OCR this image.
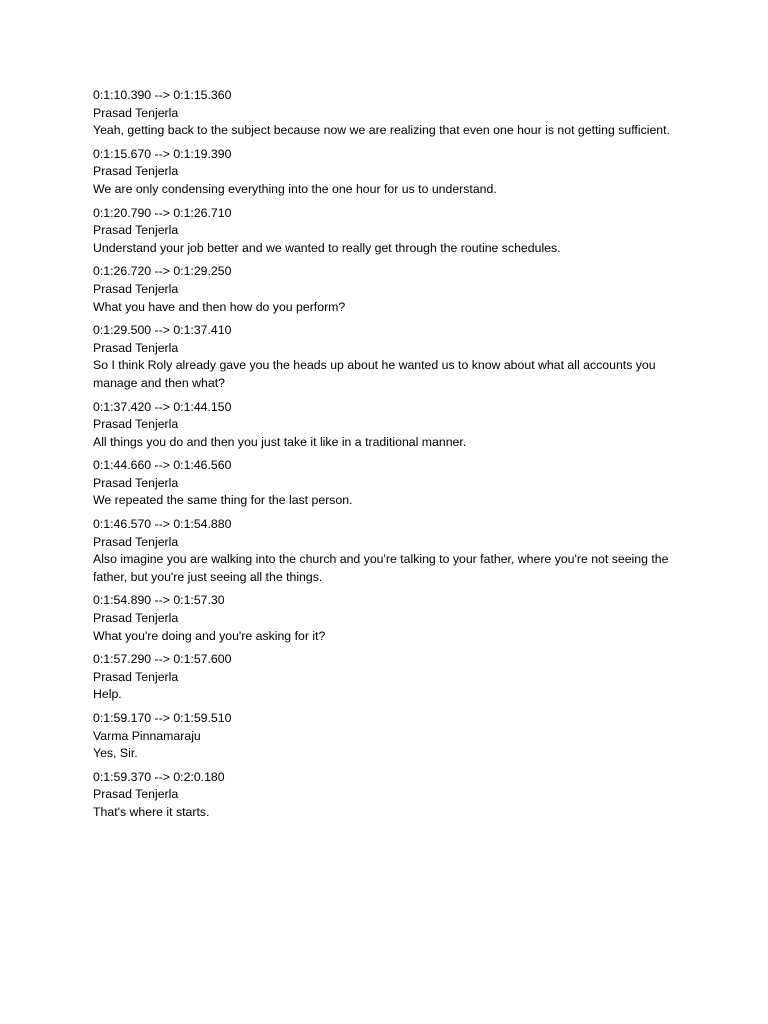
0:1:10.390 --> 0:1:15.360
Prasad Tenjerla
Yeah, getting back to the subject because now we are realizing that even one hour is not getting sufficient.
0:1:15.670 --> 0:1:19.390
Prasad Tenjerla
We are only condensing everything into the one hour for us to understand.
0:1:20.790 --> 0:1:26.710
Prasad Tenjerla
Understand your job better and we wanted to really get through the routine schedules.
0:1:26.720 --> 0:1:29.250
Prasad Tenjerla
What you have and then how do you perform?
0:1:29.500 --> 0:1:37.410
Prasad Tenjerla
So I think Roly already gave you the heads up about he wanted us to know about what all accounts you manage and then what?
0:1:37.420 --> 0:1:44.150
Prasad Tenjerla
All things you do and then you just take it like in a traditional manner.
0:1:44.660 --> 0:1:46.560
Prasad Tenjerla
We repeated the same thing for the last person.
0:1:46.570 --> 0:1:54.880
Prasad Tenjerla
Also imagine you are walking into the church and you're talking to your father, where you're not seeing the father, but you're just seeing all the things.
0:1:54.890 --> 0:1:57.30
Prasad Tenjerla
What you're doing and you're asking for it?
0:1:57.290 --> 0:1:57.600
Prasad Tenjerla
Help.
0:1:59.170 --> 0:1:59.510
Varma Pinnamaraju
Yes, Sir.
0:1:59.370 --> 0:2:0.180
Prasad Tenjerla
That's where it starts.
